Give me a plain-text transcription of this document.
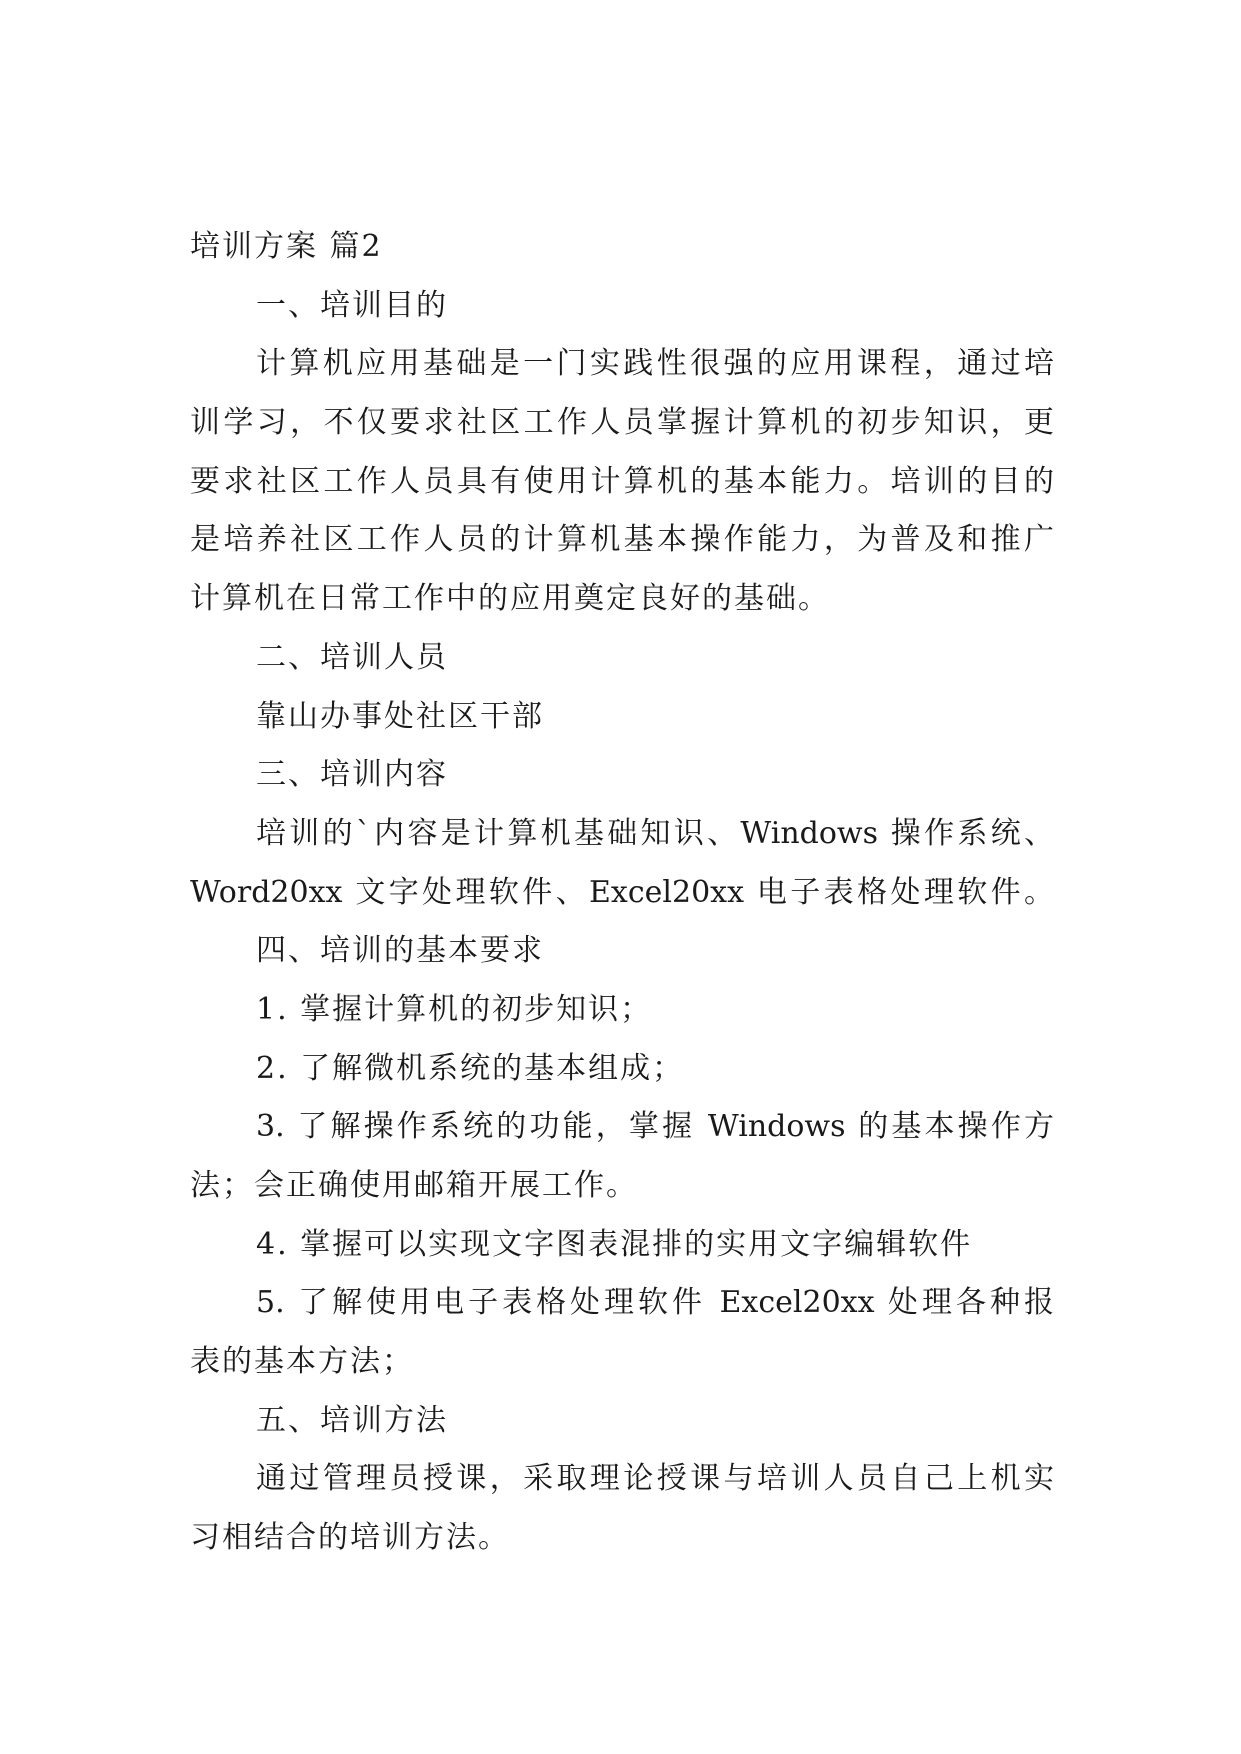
培训方案 篇2
一、培训目的
计算机应用基础是一门实践性很强的应用课程，通过培
训学习，不仅要求社区工作人员掌握计算机的初步知识，更
要求社区工作人员具有使用计算机的基本能力。培训的目的
是培养社区工作人员的计算机基本操作能力，为普及和推广
计算机在日常工作中的应用奠定良好的基础。
二、培训人员
靠山办事处社区干部
三、培训内容
培训的`内容是计算机基础知识、Windows 操作系统、
Word20xx 文字处理软件、Excel20xx 电子表格处理软件。
四、培训的基本要求
1. 掌握计算机的初步知识；
2. 了解微机系统的基本组成；
3. 了解操作系统的功能，掌握 Windows 的基本操作方
法；会正确使用邮箱开展工作。
4. 掌握可以实现文字图表混排的实用文字编辑软件
5. 了解使用电子表格处理软件 Excel20xx 处理各种报
表的基本方法；
五、培训方法
通过管理员授课，采取理论授课与培训人员自己上机实
习相结合的培训方法。
